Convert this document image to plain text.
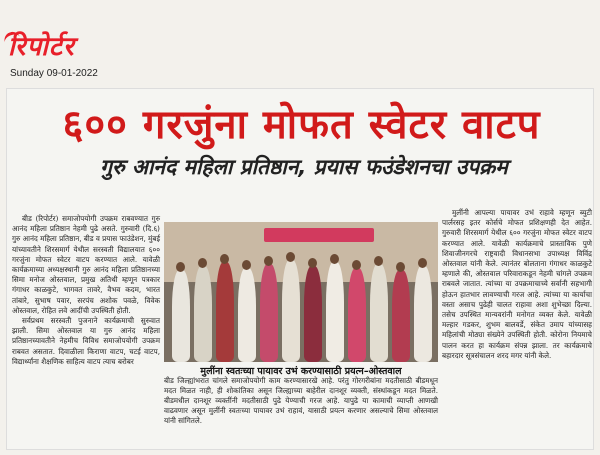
रिपोर्टर
Sunday 09-01-2022
६०० गरजुंना मोफत स्वेटर वाटप
गुरु आनंद महिला प्रतिष्ठान, प्रयास फउंडेशनचा उपक्रम

बीड (रिपोर्टर) समाजोपयोगी उपक्रम राबवण्यात गुरु आनंद महिला प्रतिष्ठान नेहमी पुढे असते. गुरुवारी (दि.६) गुरु आनंद महिला प्रतिष्ठान, बीड व प्रयास फाउंडेशन, मुंबई यांच्यावतीने शिरसमार्ग येथील सरस्वती विद्यालयात ६०० गरजुंना मोफत स्वेटर वाटप करण्यात आले. यावेळी कार्यक्रमाच्या अध्यक्षस्थानी गुरु आनंद महिला प्रतिष्ठानच्या सिमा मनोज ओस्तवाल, प्रमुख अतिथी म्हणून पत्रकार गंगाधर काळकुटे, भागवत तावरे, वैभव कदम, भारत तांबारे, सुभाष पवार, सरपंच अशोक पवळे, विवेक ओस्तवाल, रोहित लवे आदींची उपस्थिती होती.

सर्वप्रथम सरस्वती पुजनाने कार्यक्रमाची सुरुवात झाली. सिमा ओस्तवाल या गुरु आनंद महिला प्रतिष्ठानच्यावतीने नेहमीच विविध समाजोपयोगी उपक्रम राबवत असतात. दिवाळीला किराणा वाटप, चटई वाटप, विद्यार्थ्यांना शैक्षणिक साहित्य वाटप त्याच बरोबर

मुलींना स्वतःच्या पायावर उभं करण्यासाठी प्रयत्न–ओस्तवाल
बीड जिल्ह्यांभरात चांगले समाजोपयोगी काम करण्यासारखे आहे. परंतु गोरगरीबांना मदतीसाठी बीडमधून मदत मिळत नाही, ही शोकांतिका असून जिल्ह्याच्या बाहेरील दानशूर व्यक्ती, संस्थांकडून मदत मिळते. बीडमधील दानशूर व्यक्तींनी मदतीसाठी पुढे येण्याची गरज आहे. यापुढे या कामाची व्याप्ती आणखी वाढवणार असून मुलींनी स्वतःच्या पायावर उभं राहावं, यासाठी प्रयत्न करणार असल्याचे सिमा ओस्तवाल यांनी सांगितले.

मुलींनी आपल्या पायावर उभं राहावे म्हणून ब्युटी पार्लरसह इतर कोर्सचे मोफत प्रशिक्षणही देत आहेत. गुरुवारी शिरसमार्ग येथील ६०० गरजुंना मोफत स्वेटर वाटप करण्यात आले. यावेळी कार्यक्रमाचे प्रास्ताविक पुणे शिवाजीनगरचे राष्ट्रवादी विधानसभा उपाध्यक्ष विविंद्र ओस्तवाल यांनी केले. त्यानंतर बोलताना गंगाधर काळकुटे म्हणाले की, ओस्तवाल परिवाराकडून नेहमी चांगले उपक्रम राबवले जातात. त्यांच्या या उपक्रमाचाच्ये सर्वानी सहभागी होऊन हातभार लावण्याची गरज आहे. त्यांच्या या कार्याचा वस्ता असाच पुढेही चालत राहावा अशा शुभेच्छा दिल्या. तसेच उपस्थित मान्यवरांनी मनोगत व्यक्त केले. यावेळी मल्हार गडकर, शुभम बालवर्डे, संकेत उमाप यांच्यासह महिलांची मोठ्या संख्येने उपस्थिती होती. कोरोना नियमाचे पालन करत हा कार्यक्रम संपन्न झाला. तर कार्यक्रमाचे बहारदार सूत्रसंचालन शरद मगर यांनी केले.
